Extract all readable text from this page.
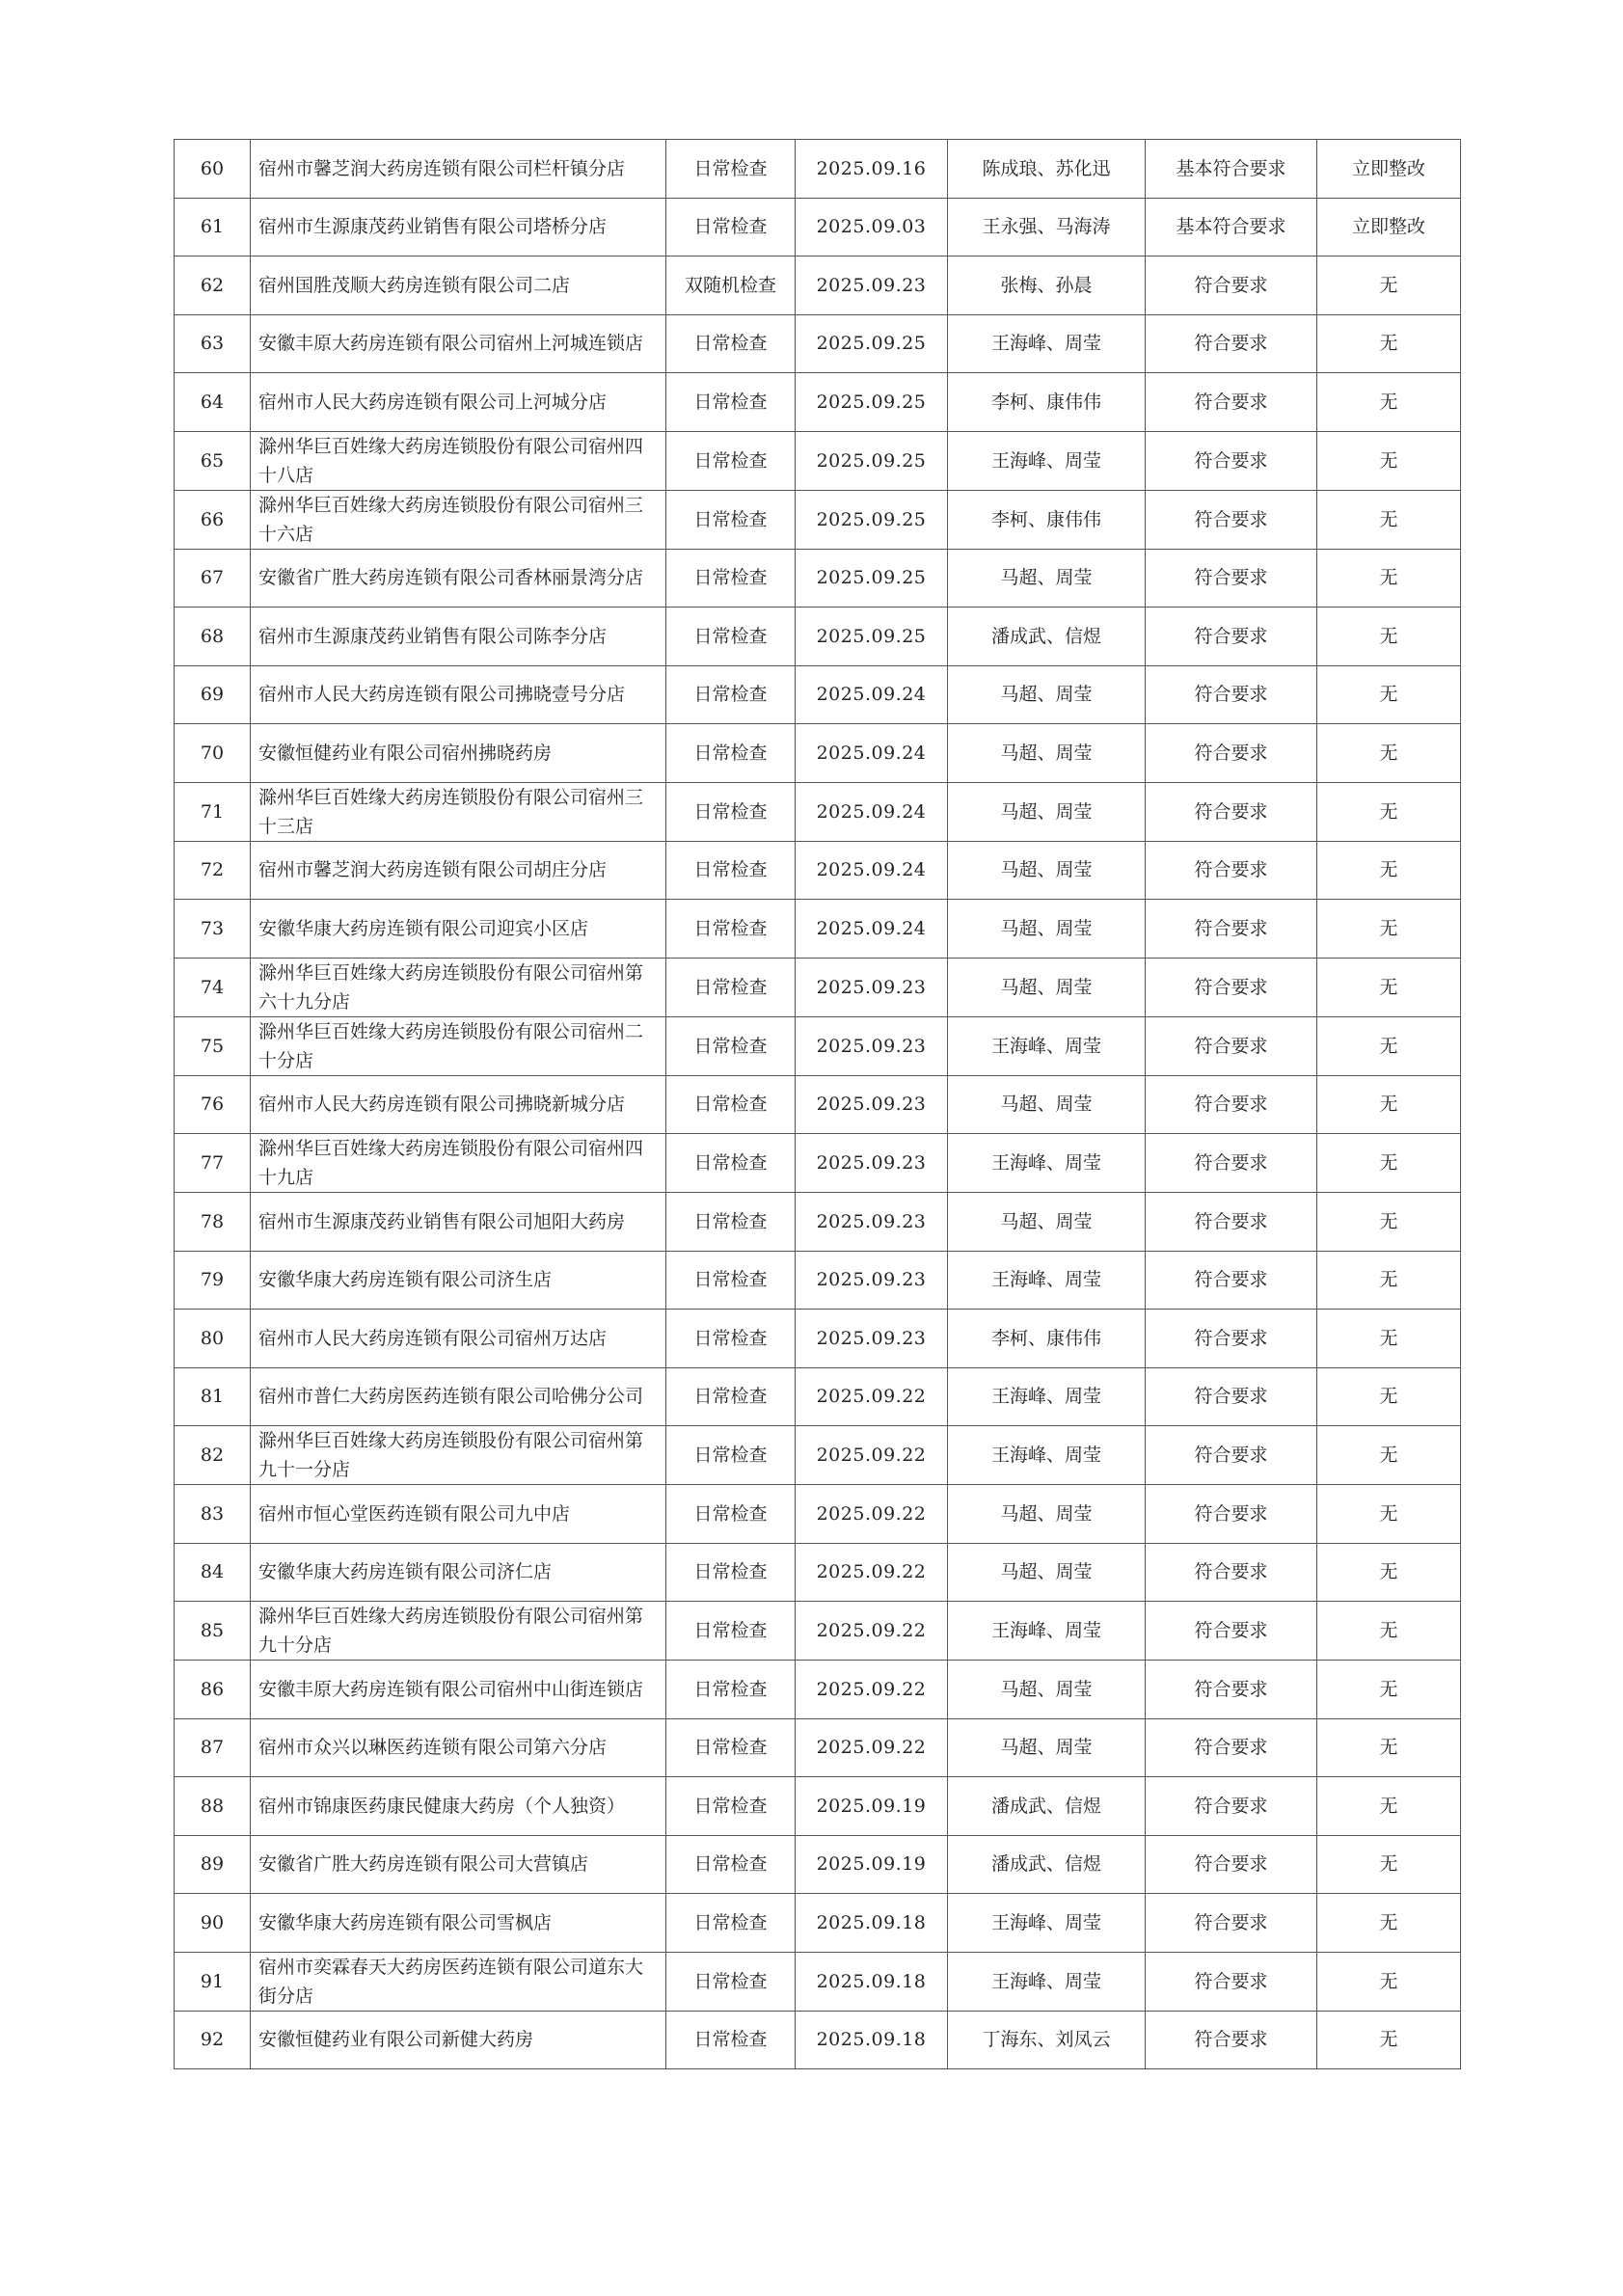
60	宿州市馨芝润大药房连锁有限公司栏杆镇分店	日常检查	2025.09.16	陈成琅、苏化迅	基本符合要求	立即整改
61	宿州市生源康茂药业销售有限公司塔桥分店	日常检查	2025.09.03	王永强、马海涛	基本符合要求	立即整改
62	宿州国胜茂顺大药房连锁有限公司二店	双随机检查	2025.09.23	张梅、孙晨	符合要求	无
63	安徽丰原大药房连锁有限公司宿州上河城连锁店	日常检查	2025.09.25	王海峰、周莹	符合要求	无
64	宿州市人民大药房连锁有限公司上河城分店	日常检查	2025.09.25	李柯、康伟伟	符合要求	无
65	滁州华巨百姓缘大药房连锁股份有限公司宿州四十八店	日常检查	2025.09.25	王海峰、周莹	符合要求	无
66	滁州华巨百姓缘大药房连锁股份有限公司宿州三十六店	日常检查	2025.09.25	李柯、康伟伟	符合要求	无
67	安徽省广胜大药房连锁有限公司香林丽景湾分店	日常检查	2025.09.25	马超、周莹	符合要求	无
68	宿州市生源康茂药业销售有限公司陈李分店	日常检查	2025.09.25	潘成武、信煜	符合要求	无
69	宿州市人民大药房连锁有限公司拂晓壹号分店	日常检查	2025.09.24	马超、周莹	符合要求	无
70	安徽恒健药业有限公司宿州拂晓药房	日常检查	2025.09.24	马超、周莹	符合要求	无
71	滁州华巨百姓缘大药房连锁股份有限公司宿州三十三店	日常检查	2025.09.24	马超、周莹	符合要求	无
72	宿州市馨芝润大药房连锁有限公司胡庄分店	日常检查	2025.09.24	马超、周莹	符合要求	无
73	安徽华康大药房连锁有限公司迎宾小区店	日常检查	2025.09.24	马超、周莹	符合要求	无
74	滁州华巨百姓缘大药房连锁股份有限公司宿州第六十九分店	日常检查	2025.09.23	马超、周莹	符合要求	无
75	滁州华巨百姓缘大药房连锁股份有限公司宿州二十分店	日常检查	2025.09.23	王海峰、周莹	符合要求	无
76	宿州市人民大药房连锁有限公司拂晓新城分店	日常检查	2025.09.23	马超、周莹	符合要求	无
77	滁州华巨百姓缘大药房连锁股份有限公司宿州四十九店	日常检查	2025.09.23	王海峰、周莹	符合要求	无
78	宿州市生源康茂药业销售有限公司旭阳大药房	日常检查	2025.09.23	马超、周莹	符合要求	无
79	安徽华康大药房连锁有限公司济生店	日常检查	2025.09.23	王海峰、周莹	符合要求	无
80	宿州市人民大药房连锁有限公司宿州万达店	日常检查	2025.09.23	李柯、康伟伟	符合要求	无
81	宿州市普仁大药房医药连锁有限公司哈佛分公司	日常检查	2025.09.22	王海峰、周莹	符合要求	无
82	滁州华巨百姓缘大药房连锁股份有限公司宿州第九十一分店	日常检查	2025.09.22	王海峰、周莹	符合要求	无
83	宿州市恒心堂医药连锁有限公司九中店	日常检查	2025.09.22	马超、周莹	符合要求	无
84	安徽华康大药房连锁有限公司济仁店	日常检查	2025.09.22	马超、周莹	符合要求	无
85	滁州华巨百姓缘大药房连锁股份有限公司宿州第九十分店	日常检查	2025.09.22	王海峰、周莹	符合要求	无
86	安徽丰原大药房连锁有限公司宿州中山街连锁店	日常检查	2025.09.22	马超、周莹	符合要求	无
87	宿州市众兴以琳医药连锁有限公司第六分店	日常检查	2025.09.22	马超、周莹	符合要求	无
88	宿州市锦康医药康民健康大药房（个人独资）	日常检查	2025.09.19	潘成武、信煜	符合要求	无
89	安徽省广胜大药房连锁有限公司大营镇店	日常检查	2025.09.19	潘成武、信煜	符合要求	无
90	安徽华康大药房连锁有限公司雪枫店	日常检查	2025.09.18	王海峰、周莹	符合要求	无
91	宿州市奕霖春天大药房医药连锁有限公司道东大街分店	日常检查	2025.09.18	王海峰、周莹	符合要求	无
92	安徽恒健药业有限公司新健大药房	日常检查	2025.09.18	丁海东、刘凤云	符合要求	无
